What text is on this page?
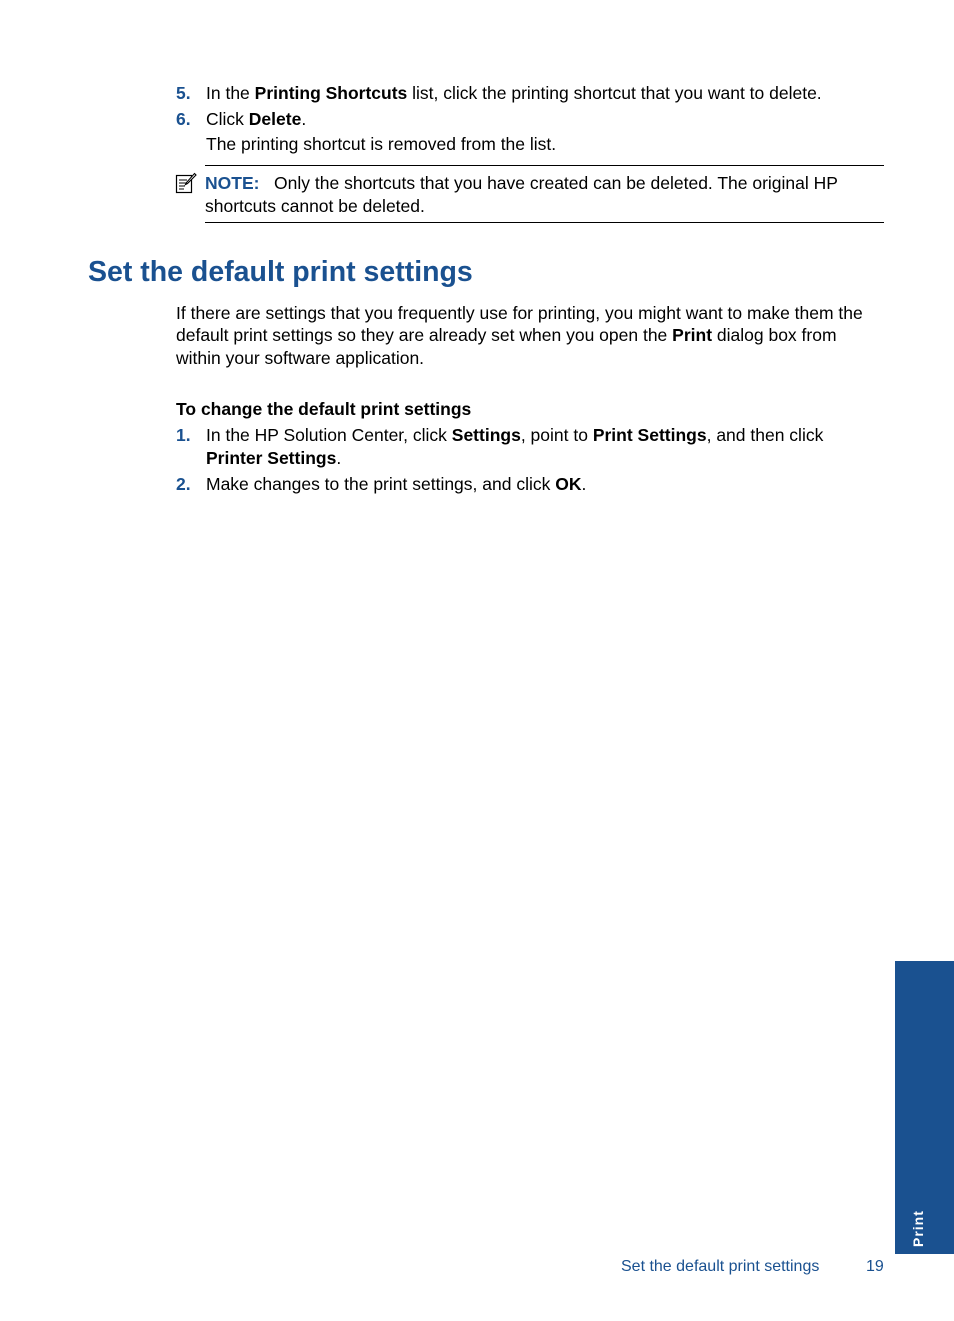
5. In the Printing Shortcuts list, click the printing shortcut that you want to delete.
6. Click Delete.
The printing shortcut is removed from the list.
NOTE: Only the shortcuts that you have created can be deleted. The original HP
shortcuts cannot be deleted.
Set the default print settings
If there are settings that you frequently use for printing, you might want to make them the
default print settings so they are already set when you open the Print dialog box from
within your software application.
To change the default print settings
1. In the HP Solution Center, click Settings, point to Print Settings, and then click
Printer Settings.
2. Make changes to the print settings, and click OK.
Print
Set the default print settings	19
